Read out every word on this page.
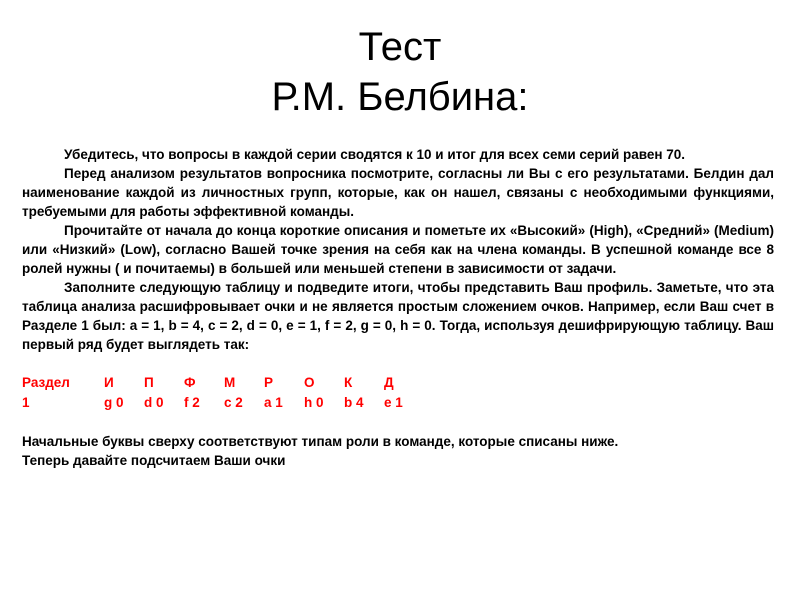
Тест
Р.М. Белбина:

Убедитесь, что вопросы в каждой серии сводятся к 10 и итог для всех семи серий равен 70.

Перед анализом результатов вопросника посмотрите, согласны ли Вы с его результатами. Белдин дал наименование каждой из личностных групп, которые, как он нашел, связаны с необходимыми функциями, требуемыми для работы эффективной команды.

Прочитайте от начала до конца короткие описания и пометьте их «Высокий» (High), «Средний» (Medium) или «Низкий» (Low), согласно Вашей точке зрения на себя как на члена команды. В успешной команде все 8 ролей нужны ( и почитаемы) в большей или меньшей степени в зависимости от задачи.

Заполните следующую таблицу и подведите итоги, чтобы представить Ваш профиль. Заметьте, что эта таблица анализа расшифровывает очки и не является простым сложением очков. Например, если Ваш счет в Разделе 1 был: a = 1, b = 4, c = 2, d = 0, e = 1, f = 2, g = 0, h = 0. Тогда, используя дешифрирующую таблицу. Ваш первый ряд будет выглядеть так:

Раздел	И	П	Ф	М	Р	О	К	Д
1	g 0	d 0	f 2	c 2	a 1	h 0	b 4	e 1

Начальные буквы сверху соответствуют типам роли в команде, которые списаны ниже.

Теперь давайте подсчитаем Ваши очки
